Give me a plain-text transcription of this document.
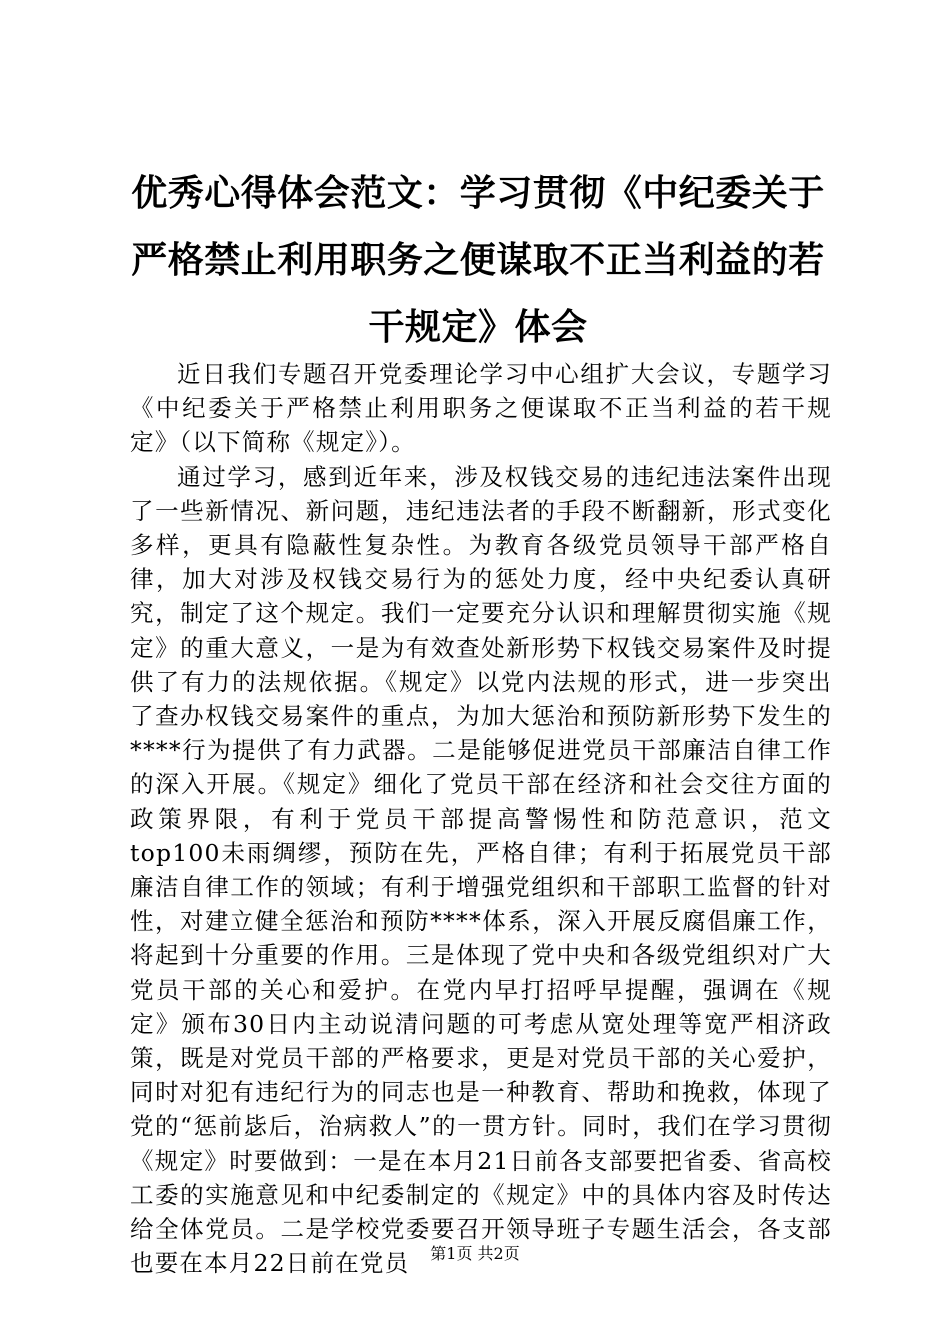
优秀心得体会范文：学习贯彻《中纪委关于严格禁止利用职务之便谋取不正当利益的若干规定》体会

近日我们专题召开党委理论学习中心组扩大会议，专题学习《中纪委关于严格禁止利用职务之便谋取不正当利益的若干规定》（以下简称《规定》）。

通过学习，感到近年来，涉及权钱交易的违纪违法案件出现了一些新情况、新问题，违纪违法者的手段不断翻新，形式变化多样，更具有隐蔽性复杂性。为教育各级党员领导干部严格自律，加大对涉及权钱交易行为的惩处力度，经中央纪委认真研究，制定了这个规定。我们一定要充分认识和理解贯彻实施《规定》的重大意义，一是为有效查处新形势下权钱交易案件及时提供了有力的法规依据。《规定》以党内法规的形式，进一步突出了查办权钱交易案件的重点，为加大惩治和预防新形势下发生的****行为提供了有力武器。二是能够促进党员干部廉洁自律工作的深入开展。《规定》细化了党员干部在经济和社会交往方面的政策界限，有利于党员干部提高警惕性和防范意识，范文top100未雨绸缪，预防在先，严格自律；有利于拓展党员干部廉洁自律工作的领域；有利于增强党组织和干部职工监督的针对性，对建立健全惩治和预防****体系，深入开展反腐倡廉工作，将起到十分重要的作用。三是体现了党中央和各级党组织对广大党员干部的关心和爱护。在党内早打招呼早提醒，强调在《规定》颁布30日内主动说清问题的可考虑从宽处理等宽严相济政策，既是对党员干部的严格要求，更是对党员干部的关心爱护，同时对犯有违纪行为的同志也是一种教育、帮助和挽救，体现了党的“惩前毖后，治病救人”的一贯方针。同时，我们在学习贯彻《规定》时要做到：一是在本月21日前各支部要把省委、省高校工委的实施意见和中纪委制定的《规定》中的具体内容及时传达给全体党员。二是学校党委要召开领导班子专题生活会，各支部也要在本月22日前在党员	第1页 共2页
